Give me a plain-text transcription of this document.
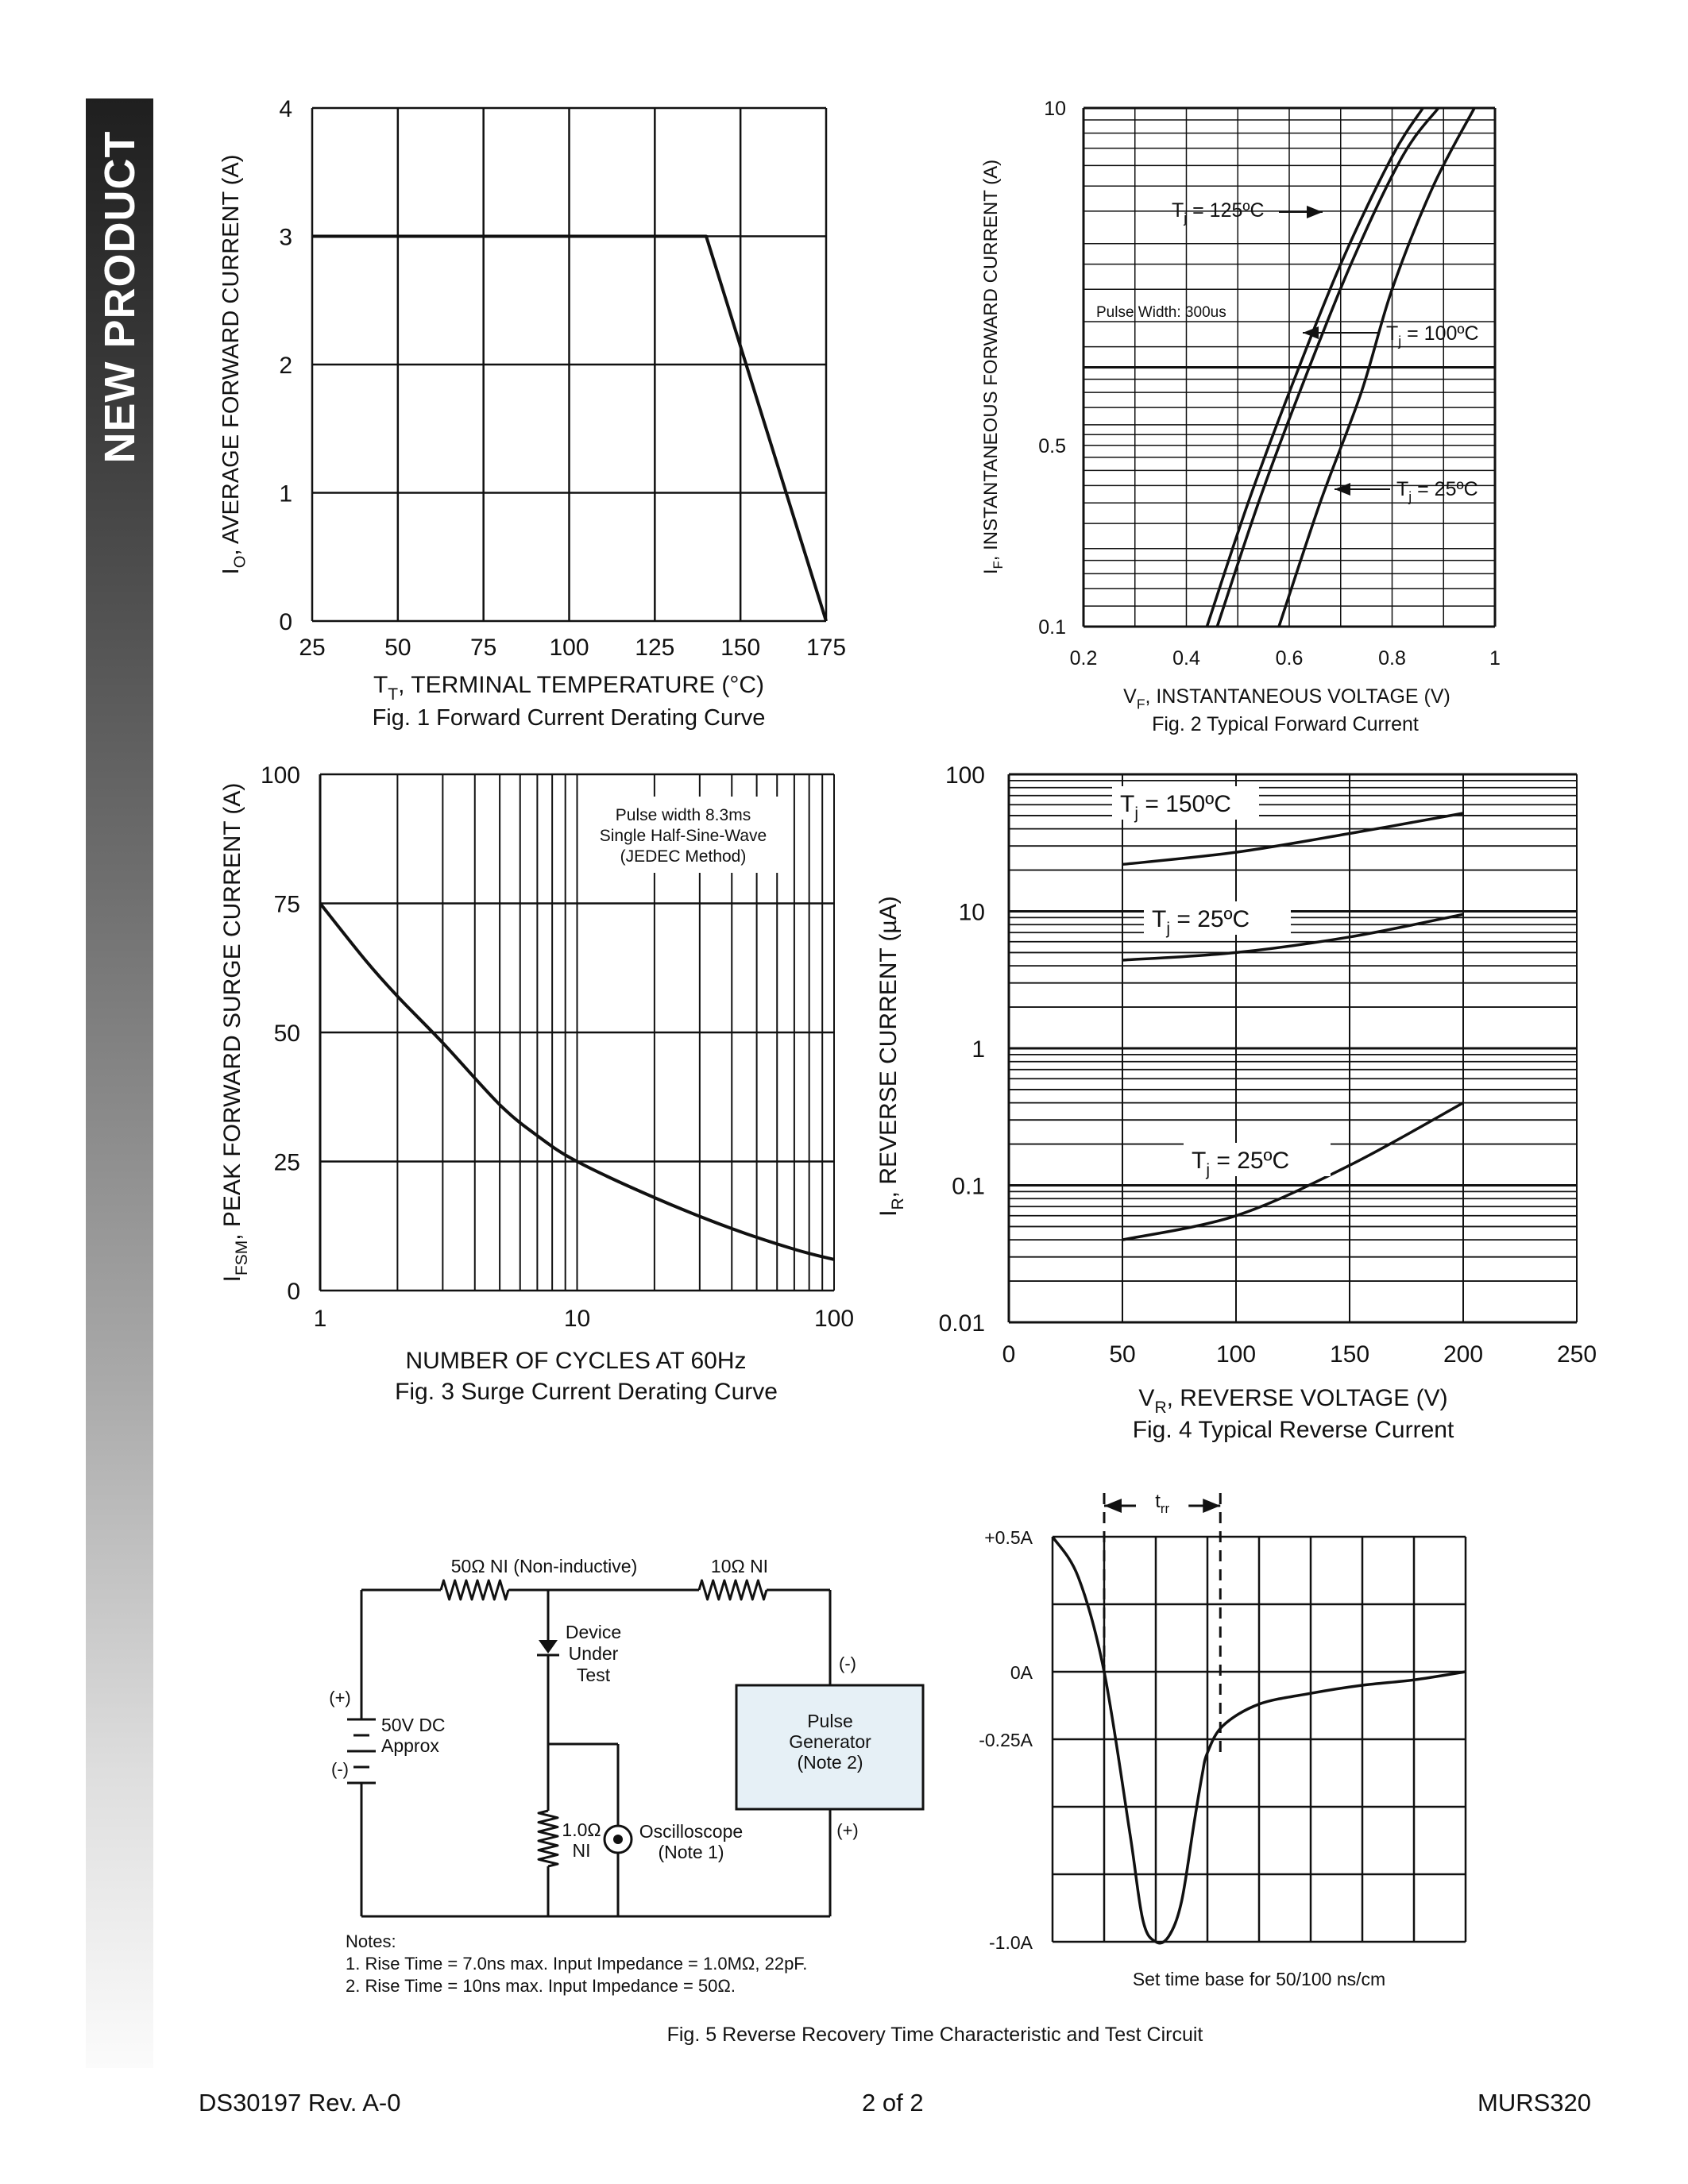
NEW PRODUCT
25 50 75 100 125 150 175
0
1
2
3
4
$I_O$, AVERAGE FORWARD CURRENT (A)
$T_T$, TERMINAL TEMPERATURE (°C)
Fig. 1 Forward Current Derating Curve
0.2	0.4	0.6	0.8	1
0.1
0.5
10
Pulse Width: 300us
$T_j$ = 125ºC
$T_j$ = 100ºC
$T_j$ = 25ºC
$I_F$, INSTANTANEOUS FORWARD CURRENT (A)
$V_F$, INSTANTANEOUS VOLTAGE (V)
Fig. 2 Typical Forward Current
1	10	100
0
25
50
75
100
Pulse width 8.3ms
Single Half-Sine-Wave
(JEDEC Method)
$I_{FSM}$, PEAK FORWARD SURGE CURRENT (A)
NUMBER OF CYCLES AT 60Hz
Fig. 3 Surge Current Derating Curve
0	50	100	150	200	250
0.01
0.1
1
10
100
$T_j$ = 150ºC
$T_j$ = 25ºC
$T_j$ = 25ºC
$I_R$, REVERSE CURRENT (µA)
$V_R$, REVERSE VOLTAGE (V)
Fig. 4 Typical Reverse Current
+0.5A
0A
-0.25A
-1.0A
$t_{rr}$
Set time base for 50/100 ns/cm
Fig. 5 Reverse Recovery Time Characteristic and Test Circuit
50Ω NI (Non-inductive)	10Ω NI
Device
Under
Test
(-)
(+)
Pulse
Generator
(Note 2)
(+)
(-)
50V DC
Approx
1.0Ω
NI
Oscilloscope
(Note 1)
Notes:
1. Rise Time = 7.0ns max. Input Impedance = 1.0MΩ, 22pF.
2. Rise Time = 10ns max. Input Impedance = 50Ω.
DS30197 Rev. A-0	2 of 2	MURS320
